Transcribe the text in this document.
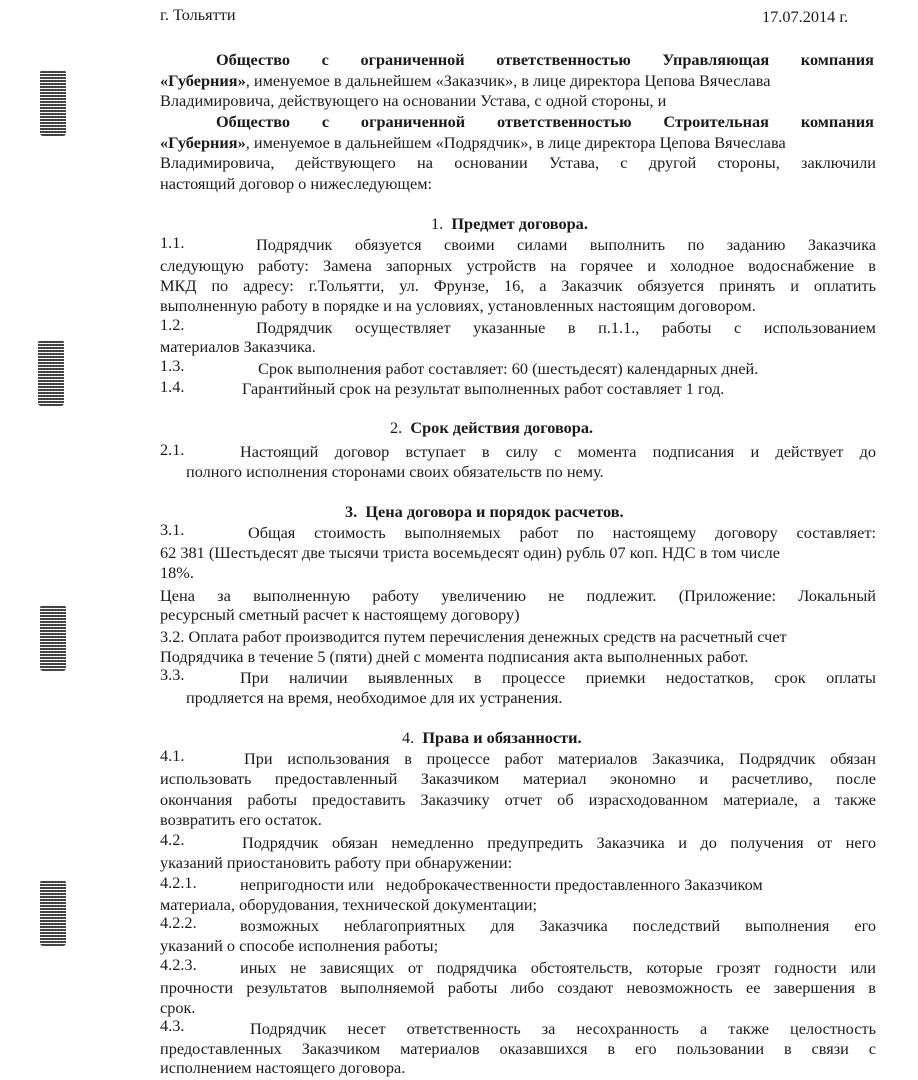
г. Тольятти	17.07.2014 г.
Общество с ограниченной ответственностью Управляющая компания
«Губерния», именуемое в дальнейшем «Заказчик», в лице директора Цепова Вячеслава
Владимировича, действующего на основании Устава, с одной стороны, и
Общество с ограниченной ответственностью Строительная компания
«Губерния», именуемое в дальнейшем «Подрядчик», в лице директора Цепова Вячеслава
Владимировича, действующего на основании Устава, с другой стороны, заключили
настоящий договор о нижеследующем:
1. Предмет договора.
1.1.	Подрядчик обязуется своими силами выполнить по заданию Заказчика
следующую работу: Замена запорных устройств на горячее и холодное водоснабжение в
МКД по адресу: г.Тольятти, ул. Фрунзе, 16, а Заказчик обязуется принять и оплатить
выполненную работу в порядке и на условиях, установленных настоящим договором.
1.2.	Подрядчик осуществляет указанные в п.1.1., работы с использованием
материалов Заказчика.
1.3.	Срок выполнения работ составляет: 60 (шестьдесят) календарных дней.
1.4.	Гарантийный срок на результат выполненных работ составляет 1 год.
2. Срок действия договора.
2.1.	Настоящий договор вступает в силу с момента подписания и действует до
полного исполнения сторонами своих обязательств по нему.
3. Цена договора и порядок расчетов.
3.1.	Общая стоимость выполняемых работ по настоящему договору составляет:
62 381 (Шестьдесят две тысячи триста восемьдесят один) рубль 07 коп. НДС в том числе
18%.
Цена за выполненную работу увеличению не подлежит. (Приложение: Локальный
ресурсный сметный расчет к настоящему договору)
3.2. Оплата работ производится путем перечисления денежных средств на расчетный счет
Подрядчика в течение 5 (пяти) дней с момента подписания акта выполненных работ.
3.3.	При наличии выявленных в процессе приемки недостатков, срок оплаты
продляется на время, необходимое для их устранения.
4. Права и обязанности.
4.1.	При использования в процессе работ материалов Заказчика, Подрядчик обязан
использовать предоставленный Заказчиком материал экономно и расчетливо, после
окончания работы предоставить Заказчику отчет об израсходованном материале, а также
возвратить его остаток.
4.2.	Подрядчик обязан немедленно предупредить Заказчика и до получения от него
указаний приостановить работу при обнаружении:
4.2.1.	непригодности или   недоброкачественности предоставленного Заказчиком
материала, оборудования, технической документации;
4.2.2.	возможных неблагоприятных для Заказчика последствий выполнения его
указаний о способе исполнения работы;
4.2.3.	иных не зависящих от подрядчика обстоятельств, которые грозят годности или
прочности результатов выполняемой работы либо создают невозможность ее завершения в
срок.
4.3.	Подрядчик несет ответственность за несохранность а также целостность
предоставленных Заказчиком материалов оказавшихся в его пользовании в связи с
исполнением настоящего договора.
